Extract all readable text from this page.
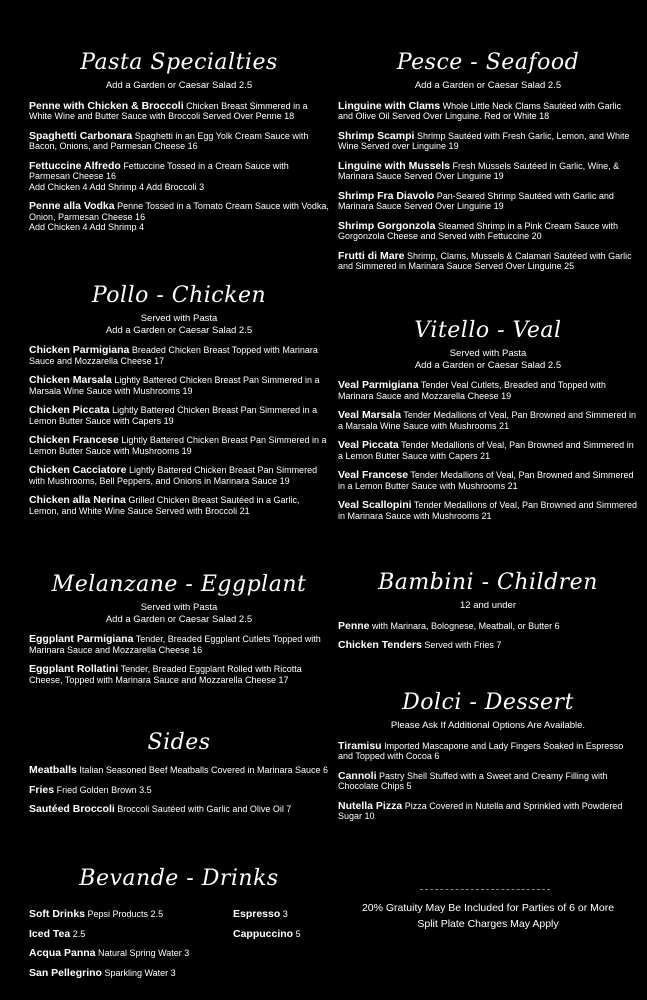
Pasta Specialties
Add a Garden or Caesar Salad 2.5
Penne with Chicken & Broccoli Chicken Breast Simmered in a White Wine and Butter Sauce with Broccoli Served Over Penne 18
Spaghetti Carbonara Spaghetti in an Egg Yolk Cream Sauce with Bacon, Onions, and Parmesan Cheese 16
Fettuccine Alfredo Fettuccine Tossed in a Cream Sauce with Parmesan Cheese 16
Add Chicken 4 Add Shrimp 4 Add Broccoli 3
Penne alla Vodka Penne Tossed in a Tomato Cream Sauce with Vodka, Onion, Parmesan Cheese 16
Add Chicken 4 Add Shrimp 4
Pollo - Chicken
Served with Pasta
Add a Garden or Caesar Salad 2.5
Chicken Parmigiana Breaded Chicken Breast Topped with Marinara Sauce and Mozzarella Cheese 17
Chicken Marsala Lightly Battered Chicken Breast Pan Simmered in a Marsala Wine Sauce with Mushrooms 19
Chicken Piccata Lightly Battered Chicken Breast Pan Simmered in a Lemon Butter Sauce with Capers 19
Chicken Francese Lightly Battered Chicken Breast Pan Simmered in a Lemon Butter Sauce with Mushrooms 19
Chicken Cacciatore Lightly Battered Chicken Breast Pan Simmered with Mushrooms, Bell Peppers, and Onions in Marinara Sauce 19
Chicken alla Nerina Grilled Chicken Breast Sautéed in a Garlic, Lemon, and White Wine Sauce Served with Broccoli 21
Melanzane - Eggplant
Served with Pasta
Add a Garden or Caesar Salad 2.5
Eggplant Parmigiana Tender, Breaded Eggplant Cutlets Topped with Marinara Sauce and Mozzarella Cheese 16
Eggplant Rollatini Tender, Breaded Eggplant Rolled with Ricotta Cheese, Topped with Marinara Sauce and Mozzarella Cheese 17
Sides
Meatballs Italian Seasoned Beef Meatballs Covered in Marinara Sauce 6
Fries Fried Golden Brown 3.5
Sautéed Broccoli Broccoli Sautéed with Garlic and Olive Oil 7
Pesce - Seafood
Add a Garden or Caesar Salad 2.5
Linguine with Clams Whole Little Neck Clams Sautéed with Garlic and Olive Oil Served Over Linguine. Red or White 18
Shrimp Scampi Shrimp Sautéed with Fresh Garlic, Lemon, and White Wine Served over Linguine 19
Linguine with Mussels Fresh Mussels Sautéed in Garlic, Wine, & Marinara Sauce Served Over Linguine 19
Shrimp Fra Diavolo Pan-Seared Shrimp Sautéed with Garlic and Marinara Sauce Served Over Linguine 19
Shrimp Gorgonzola Steamed Shrimp in a Pink Cream Sauce with Gorgonzola Cheese and Served with Fettuccine 20
Frutti di Mare Shrimp, Clams, Mussels & Calamari Sautéed with Garlic and Simmered in Marinara Sauce Served Over Linguine 25
Vitello - Veal
Served with Pasta
Add a Garden or Caesar Salad 2.5
Veal Parmigiana Tender Veal Cutlets, Breaded and Topped with Marinara Sauce and Mozzarella Cheese 19
Veal Marsala Tender Medallions of Veal, Pan Browned and Simmered in a Marsala Wine Sauce with Mushrooms 21
Veal Piccata Tender Medallions of Veal, Pan Browned and Simmered in a Lemon Butter Sauce with Capers 21
Veal Francese Tender Medallions of Veal, Pan Browned and Simmered in a Lemon Butter Sauce with Mushrooms 21
Veal Scallopini Tender Medallions of Veal, Pan Browned and Simmered in Marinara Sauce with Mushrooms 21
Bambini - Children
12 and under
Penne with Marinara, Bolognese, Meatball, or Butter 6
Chicken Tenders Served with Fries 7
Dolci - Dessert
Please Ask If Additional Options Are Available.
Tiramisu Imported Mascapone and Lady Fingers Soaked in Espresso and Topped with Cocoa 6
Cannoli Pastry Shell Stuffed with a Sweet and Creamy Filling with Chocolate Chips 5
Nutella Pizza Pizza Covered in Nutella and Sprinkled with Powdered Sugar 10
Bevande - Drinks
Soft Drinks Pepsi Products 2.5
Iced Tea 2.5
Acqua Panna Natural Spring Water 3
San Pellegrino Sparkling Water 3
Espresso 3
Cappuccino 5
20% Gratuity May Be Included for Parties of 6 or More
Split Plate Charges May Apply
